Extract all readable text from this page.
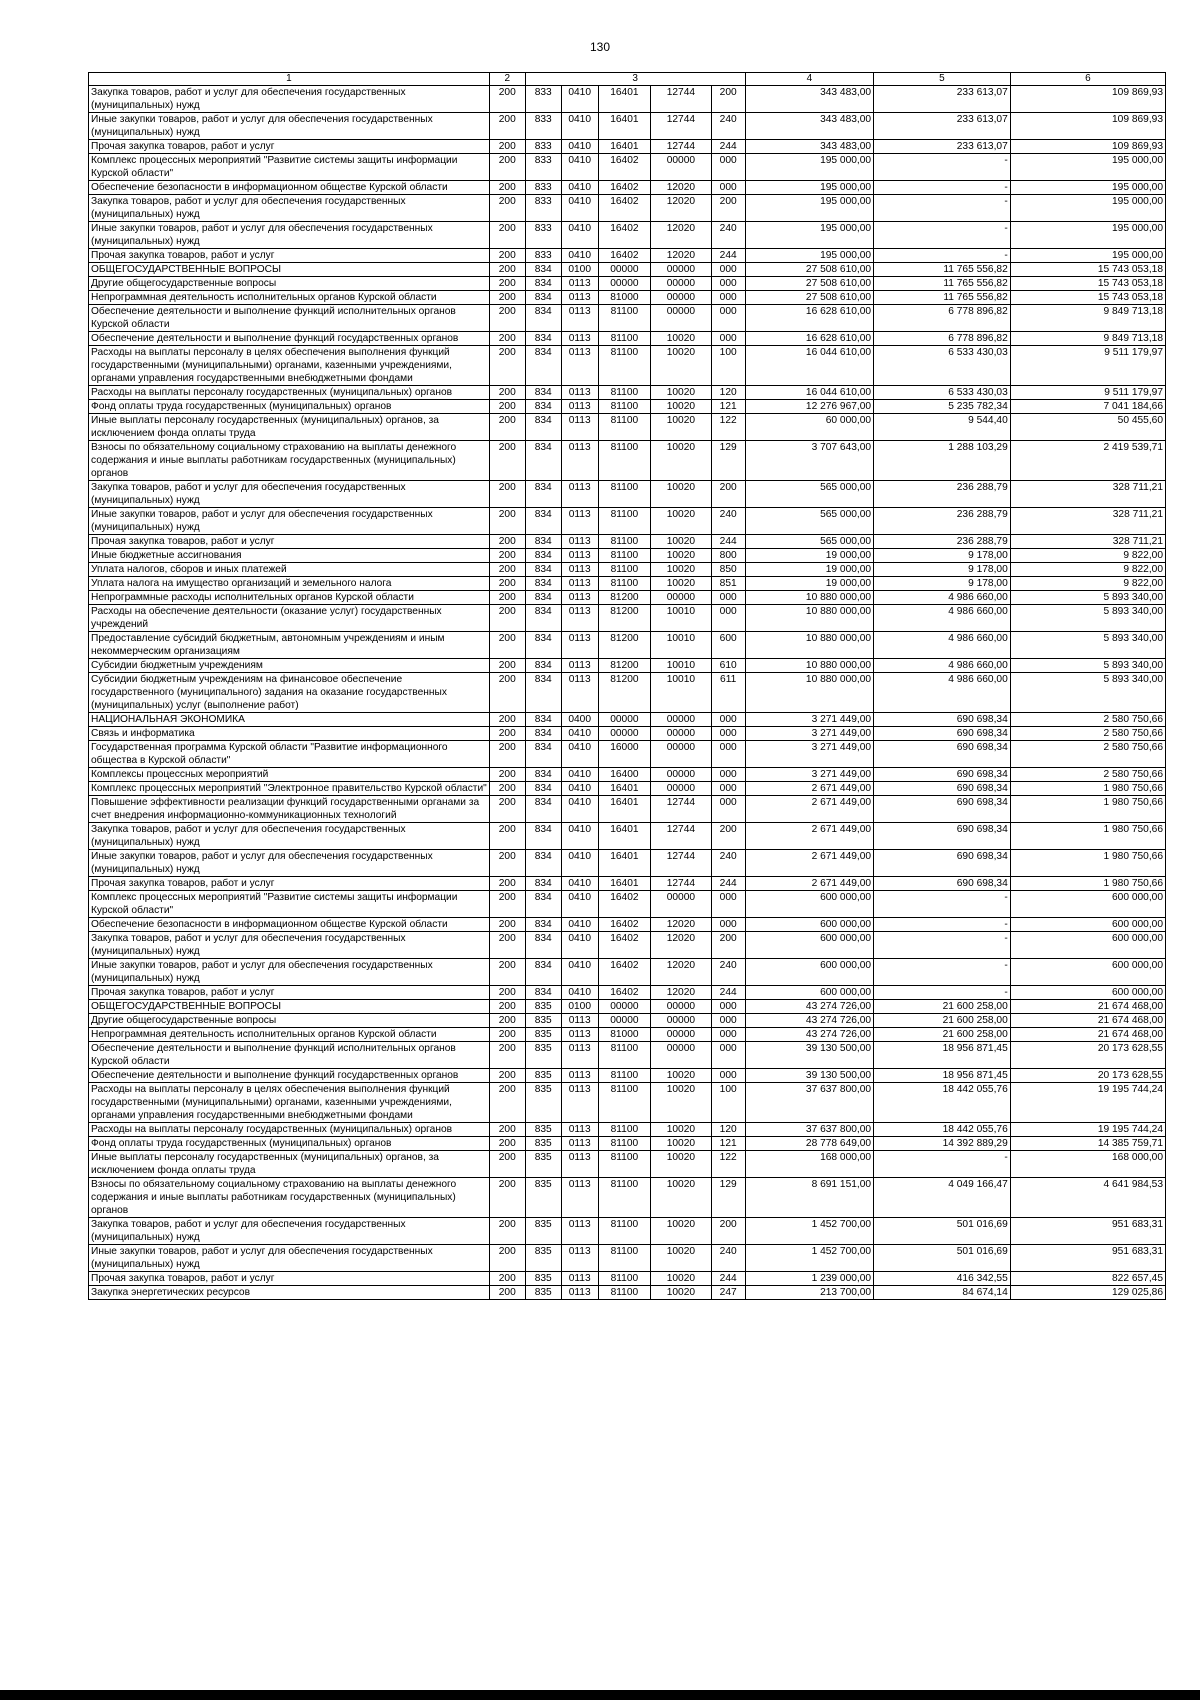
130
1	2	3					4	5	6
Закупка товаров, работ и услуг для обеспечения государственных (муниципальных) нужд	200	833	0410	16401	12744	200	343 483,00	233 613,07	109 869,93
Иные закупки товаров, работ и услуг для обеспечения государственных (муниципальных) нужд	200	833	0410	16401	12744	240	343 483,00	233 613,07	109 869,93
Прочая закупка товаров, работ и услуг	200	833	0410	16401	12744	244	343 483,00	233 613,07	109 869,93
Комплекс процессных мероприятий "Развитие системы защиты информации Курской области"	200	833	0410	16402	00000	000	195 000,00	-	195 000,00
Обеспечение безопасности в информационном обществе Курской области	200	833	0410	16402	12020	000	195 000,00	-	195 000,00
Закупка товаров, работ и услуг для обеспечения государственных (муниципальных) нужд	200	833	0410	16402	12020	200	195 000,00	-	195 000,00
Иные закупки товаров, работ и услуг для обеспечения государственных (муниципальных) нужд	200	833	0410	16402	12020	240	195 000,00	-	195 000,00
Прочая закупка товаров, работ и услуг	200	833	0410	16402	12020	244	195 000,00	-	195 000,00
ОБЩЕГОСУДАРСТВЕННЫЕ ВОПРОСЫ	200	834	0100	00000	00000	000	27 508 610,00	11 765 556,82	15 743 053,18
Другие общегосударственные вопросы	200	834	0113	00000	00000	000	27 508 610,00	11 765 556,82	15 743 053,18
Непрограммная деятельность исполнительных органов Курской области	200	834	0113	81000	00000	000	27 508 610,00	11 765 556,82	15 743 053,18
Обеспечение деятельности и выполнение функций исполнительных органов Курской области	200	834	0113	81100	00000	000	16 628 610,00	6 778 896,82	9 849 713,18
Обеспечение деятельности и выполнение функций государственных органов	200	834	0113	81100	10020	000	16 628 610,00	6 778 896,82	9 849 713,18
Расходы на выплаты персоналу в целях обеспечения выполнения функций государственными (муниципальными) органами, казенными учреждениями, органами управления государственными внебюджетными фондами	200	834	0113	81100	10020	100	16 044 610,00	6 533 430,03	9 511 179,97
Расходы на выплаты персоналу государственных (муниципальных) органов	200	834	0113	81100	10020	120	16 044 610,00	6 533 430,03	9 511 179,97
Фонд оплаты труда государственных (муниципальных) органов	200	834	0113	81100	10020	121	12 276 967,00	5 235 782,34	7 041 184,66
Иные выплаты персоналу государственных (муниципальных) органов, за исключением фонда оплаты труда	200	834	0113	81100	10020	122	60 000,00	9 544,40	50 455,60
Взносы по обязательному социальному страхованию на выплаты денежного содержания и иные выплаты работникам государственных (муниципальных) органов	200	834	0113	81100	10020	129	3 707 643,00	1 288 103,29	2 419 539,71
Закупка товаров, работ и услуг для обеспечения государственных (муниципальных) нужд	200	834	0113	81100	10020	200	565 000,00	236 288,79	328 711,21
Иные закупки товаров, работ и услуг для обеспечения государственных (муниципальных) нужд	200	834	0113	81100	10020	240	565 000,00	236 288,79	328 711,21
Прочая закупка товаров, работ и услуг	200	834	0113	81100	10020	244	565 000,00	236 288,79	328 711,21
Иные бюджетные ассигнования	200	834	0113	81100	10020	800	19 000,00	9 178,00	9 822,00
Уплата налогов, сборов и иных платежей	200	834	0113	81100	10020	850	19 000,00	9 178,00	9 822,00
Уплата налога на имущество организаций и земельного налога	200	834	0113	81100	10020	851	19 000,00	9 178,00	9 822,00
Непрограммные расходы исполнительных органов Курской области	200	834	0113	81200	00000	000	10 880 000,00	4 986 660,00	5 893 340,00
Расходы на обеспечение деятельности (оказание услуг) государственных учреждений	200	834	0113	81200	10010	000	10 880 000,00	4 986 660,00	5 893 340,00
Предоставление субсидий бюджетным, автономным учреждениям и иным некоммерческим организациям	200	834	0113	81200	10010	600	10 880 000,00	4 986 660,00	5 893 340,00
Субсидии бюджетным учреждениям	200	834	0113	81200	10010	610	10 880 000,00	4 986 660,00	5 893 340,00
Субсидии бюджетным учреждениям на финансовое обеспечение государственного (муниципального) задания на оказание государственных (муниципальных) услуг (выполнение работ)	200	834	0113	81200	10010	611	10 880 000,00	4 986 660,00	5 893 340,00
НАЦИОНАЛЬНАЯ ЭКОНОМИКА	200	834	0400	00000	00000	000	3 271 449,00	690 698,34	2 580 750,66
Связь и информатика	200	834	0410	00000	00000	000	3 271 449,00	690 698,34	2 580 750,66
Государственная программа Курской области "Развитие информационного общества в Курской области"	200	834	0410	16000	00000	000	3 271 449,00	690 698,34	2 580 750,66
Комплексы процессных мероприятий	200	834	0410	16400	00000	000	3 271 449,00	690 698,34	2 580 750,66
Комплекс процессных мероприятий "Электронное правительство Курской области"	200	834	0410	16401	00000	000	2 671 449,00	690 698,34	1 980 750,66
Повышение эффективности реализации функций государственными органами за счет внедрения информационно-коммуникационных технологий	200	834	0410	16401	12744	000	2 671 449,00	690 698,34	1 980 750,66
Закупка товаров, работ и услуг для обеспечения государственных (муниципальных) нужд	200	834	0410	16401	12744	200	2 671 449,00	690 698,34	1 980 750,66
Иные закупки товаров, работ и услуг для обеспечения государственных (муниципальных) нужд	200	834	0410	16401	12744	240	2 671 449,00	690 698,34	1 980 750,66
Прочая закупка товаров, работ и услуг	200	834	0410	16401	12744	244	2 671 449,00	690 698,34	1 980 750,66
Комплекс процессных мероприятий "Развитие системы защиты информации Курской области"	200	834	0410	16402	00000	000	600 000,00	-	600 000,00
Обеспечение безопасности в информационном обществе Курской области	200	834	0410	16402	12020	000	600 000,00	-	600 000,00
Закупка товаров, работ и услуг для обеспечения государственных (муниципальных) нужд	200	834	0410	16402	12020	200	600 000,00	-	600 000,00
Иные закупки товаров, работ и услуг для обеспечения государственных (муниципальных) нужд	200	834	0410	16402	12020	240	600 000,00	-	600 000,00
Прочая закупка товаров, работ и услуг	200	834	0410	16402	12020	244	600 000,00	-	600 000,00
ОБЩЕГОСУДАРСТВЕННЫЕ ВОПРОСЫ	200	835	0100	00000	00000	000	43 274 726,00	21 600 258,00	21 674 468,00
Другие общегосударственные вопросы	200	835	0113	00000	00000	000	43 274 726,00	21 600 258,00	21 674 468,00
Непрограммная деятельность исполнительных органов Курской области	200	835	0113	81000	00000	000	43 274 726,00	21 600 258,00	21 674 468,00
Обеспечение деятельности и выполнение функций исполнительных органов Курской области	200	835	0113	81100	00000	000	39 130 500,00	18 956 871,45	20 173 628,55
Обеспечение деятельности и выполнение функций государственных органов	200	835	0113	81100	10020	000	39 130 500,00	18 956 871,45	20 173 628,55
Расходы на выплаты персоналу в целях обеспечения выполнения функций государственными (муниципальными) органами, казенными учреждениями, органами управления государственными внебюджетными фондами	200	835	0113	81100	10020	100	37 637 800,00	18 442 055,76	19 195 744,24
Расходы на выплаты персоналу государственных (муниципальных) органов	200	835	0113	81100	10020	120	37 637 800,00	18 442 055,76	19 195 744,24
Фонд оплаты труда государственных (муниципальных) органов	200	835	0113	81100	10020	121	28 778 649,00	14 392 889,29	14 385 759,71
Иные выплаты персоналу государственных (муниципальных) органов, за исключением фонда оплаты труда	200	835	0113	81100	10020	122	168 000,00	-	168 000,00
Взносы по обязательному социальному страхованию на выплаты денежного содержания и иные выплаты работникам государственных (муниципальных) органов	200	835	0113	81100	10020	129	8 691 151,00	4 049 166,47	4 641 984,53
Закупка товаров, работ и услуг для обеспечения государственных (муниципальных) нужд	200	835	0113	81100	10020	200	1 452 700,00	501 016,69	951 683,31
Иные закупки товаров, работ и услуг для обеспечения государственных (муниципальных) нужд	200	835	0113	81100	10020	240	1 452 700,00	501 016,69	951 683,31
Прочая закупка товаров, работ и услуг	200	835	0113	81100	10020	244	1 239 000,00	416 342,55	822 657,45
Закупка энергетических ресурсов	200	835	0113	81100	10020	247	213 700,00	84 674,14	129 025,86
